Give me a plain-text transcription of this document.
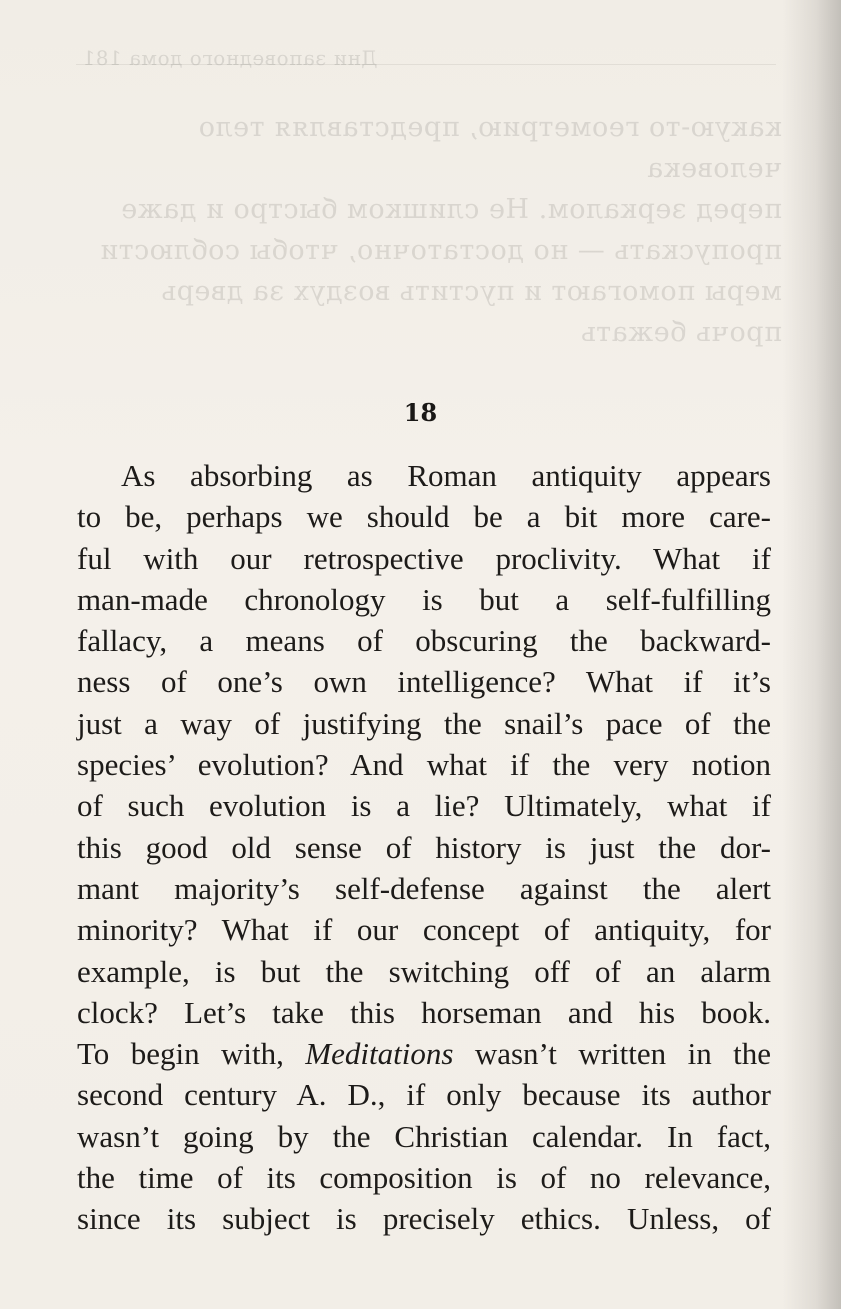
Дни заповедного дома 181
какую-то геометрию, представляя тело человека
перед зеркалом. Не слишком быстро и даже
пропускать — но достаточно, чтобы соблюсти
меры помогают и пустить воздух за дверь
прочь бежать
18

As absorbing as Roman antiquity appears
to be, perhaps we should be a bit more care-
ful with our retrospective proclivity. What if
man-made chronology is but a self-fulfilling
fallacy, a means of obscuring the backward-
ness of one’s own intelligence? What if it’s
just a way of justifying the snail’s pace of the
species’ evolution? And what if the very notion
of such evolution is a lie? Ultimately, what if
this good old sense of history is just the dor-
mant majority’s self-defense against the alert
minority? What if our concept of antiquity, for
example, is but the switching off of an alarm
clock? Let’s take this horseman and his book.
To begin with, Meditations wasn’t written in the
second century A. D., if only because its author
wasn’t going by the Christian calendar. In fact,
the time of its composition is of no relevance,
since its subject is precisely ethics. Unless, of
